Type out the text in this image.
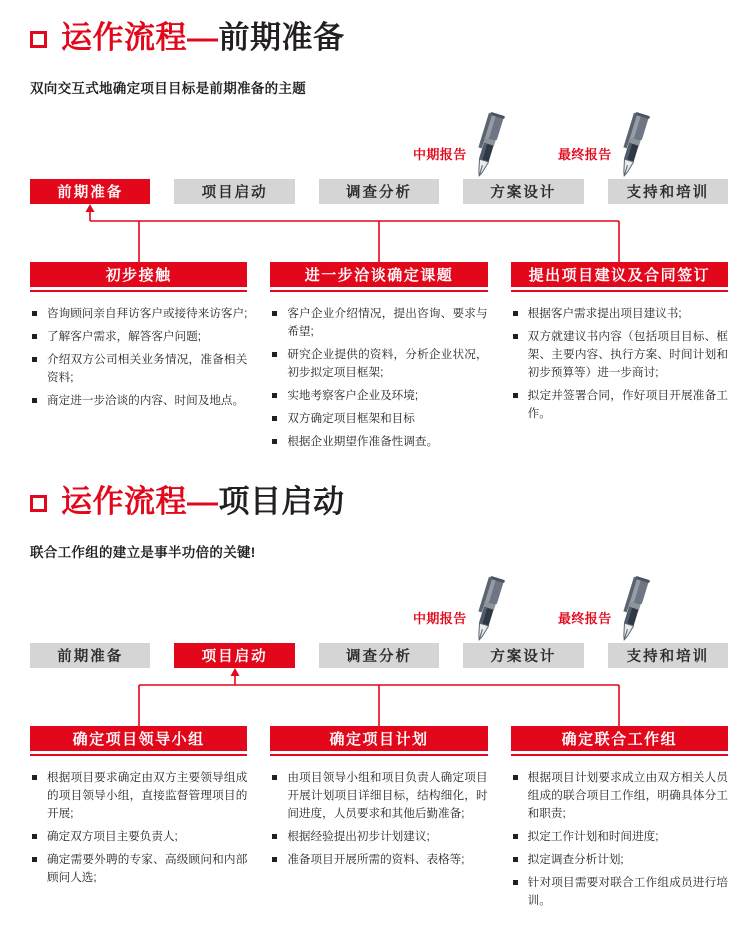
运作流程—前期准备
双向交互式地确定项目目标是前期准备的主题
中期报告	最终报告
前期准备	项目启动	调查分析	方案设计	支持和培训
初步接触	进一步洽谈确定课题	提出项目建议及合同签订
咨询顾问亲自拜访客户或接待来访客户;
了解客户需求，解答客户问题;
介绍双方公司相关业务情况，准备相关资料;
商定进一步洽谈的内容、时间及地点。
客户企业介绍情况，提出咨询、要求与希望;
研究企业提供的资料，分析企业状况，初步拟定项目框架;
实地考察客户企业及环境;
双方确定项目框架和目标
根据企业期望作准备性调查。
根据客户需求提出项目建议书;
双方就建议书内容（包括项目目标、框架、主要内容、执行方案、时间计划和初步预算等）进一步商讨;
拟定并签署合同，作好项目开展准备工作。
运作流程—项目启动
联合工作组的建立是事半功倍的关键!
中期报告	最终报告
前期准备	项目启动	调查分析	方案设计	支持和培训
确定项目领导小组	确定项目计划	确定联合工作组
根据项目要求确定由双方主要领导组成的项目领导小组，直接监督管理项目的开展;
确定双方项目主要负责人;
确定需要外聘的专家、高级顾问和内部顾问人选;
由项目领导小组和项目负责人确定项目开展计划项目详细目标，结构细化，时间进度，人员要求和其他后勤准备;
根据经验提出初步计划建议;
准备项目开展所需的资料、表格等;
根据项目计划要求成立由双方相关人员组成的联合项目工作组，明确具体分工和职责;
拟定工作计划和时间进度;
拟定调查分析计划;
针对项目需要对联合工作组成员进行培训。
